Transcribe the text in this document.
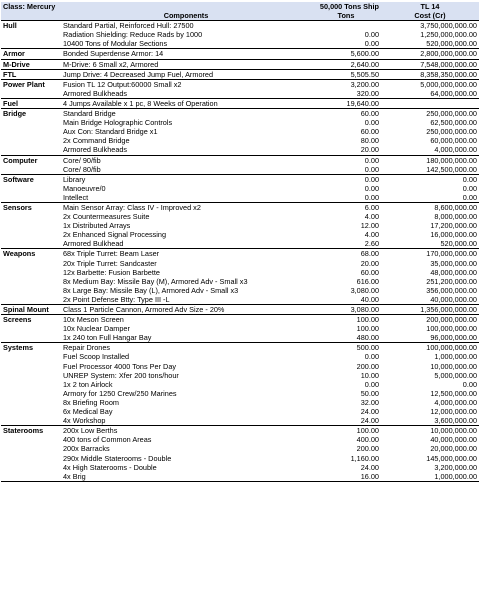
Class: Mercury		50,000 Tons Ship	TL 14
	Components	Tons	Cost (Cr)
Hull	Standard Partial, Reinforced Hull: 27500		3,750,000,000.00
	Radiation Shielding: Reduce Rads by 1000	0.00	1,250,000,000.00
	10400 Tons of Modular Sections	0.00	520,000,000.00
Armor	Bonded Superdense Armor: 14	5,600.00	2,800,000,000.00
M-Drive	M-Drive: 6 Small x2, Armored	2,640.00	7,548,000,000.00
FTL	Jump Drive: 4 Decreased Jump Fuel, Armored	5,505.50	8,358,350,000.00
Power Plant	Fusion TL 12 Output:60000 Small x2	3,200.00	5,000,000,000.00
	Armored Bulkheads	320.00	64,000,000.00
Fuel	4 Jumps Available x 1 pc, 8 Weeks of Operation	19,640.00	
Bridge	Standard Bridge	60.00	250,000,000.00
	Main Bridge Holographic Controls	0.00	62,500,000.00
	Aux Con: Standard Bridge x1	60.00	250,000,000.00
	2x Command Bridge	80.00	60,000,000.00
	Armored Bulkheads	20.00	4,000,000.00
Computer	Core/ 90/fib	0.00	180,000,000.00
	Core/ 80/fib	0.00	142,500,000.00
Software	Library	0.00	0.00
	Manoeuvre/0	0.00	0.00
	Intellect	0.00	0.00
Sensors	Main Sensor Array: Class IV - Improved x2	6.00	8,600,000.00
	2x Countermeasures Suite	4.00	8,000,000.00
	1x Distributed Arrays	12.00	17,200,000.00
	2x Enhanced Signal Processing	4.00	16,000,000.00
	Armored Bulkhead	2.60	520,000.00
Weapons	68x Triple Turret: Beam Laser	68.00	170,000,000.00
	20x Triple Turret: Sandcaster	20.00	35,000,000.00
	12x Barbette: Fusion Barbette	60.00	48,000,000.00
	8x Medium Bay: Missile Bay (M), Armored Adv - Small x3	616.00	251,200,000.00
	8x Large Bay: Missile Bay (L), Armored Adv - Small x3	3,080.00	356,000,000.00
	2x Point Defense Btty: Type III -L	40.00	40,000,000.00
Spinal Mount	Class 1 Particle Cannon, Armored Adv Size - 20%	3,080.00	1,356,000,000.00
Screens	10x Meson Screen	100.00	200,000,000.00
	10x Nuclear Damper	100.00	100,000,000.00
	1x 240 ton Full Hangar Bay	480.00	96,000,000.00
Systems	Repair Drones	500.00	100,000,000.00
	Fuel Scoop Installed	0.00	1,000,000.00
	Fuel Processor 4000 Tons Per Day	200.00	10,000,000.00
	UNREP System: Xfer 200 tons/hour	10.00	5,000,000.00
	1x 2 ton Airlock	0.00	0.00
	Armory for 1250 Crew/250 Marines	50.00	12,500,000.00
	8x Briefing Room	32.00	4,000,000.00
	6x Medical Bay	24.00	12,000,000.00
	4x Workshop	24.00	3,600,000.00
Staterooms	200x Low Berths	100.00	10,000,000.00
	400 tons of Common Areas	400.00	40,000,000.00
	200x Barracks	200.00	20,000,000.00
	290x Middle Staterooms - Double	1,160.00	145,000,000.00
	4x High Staterooms - Double	24.00	3,200,000.00
	4x Brig	16.00	1,000,000.00
